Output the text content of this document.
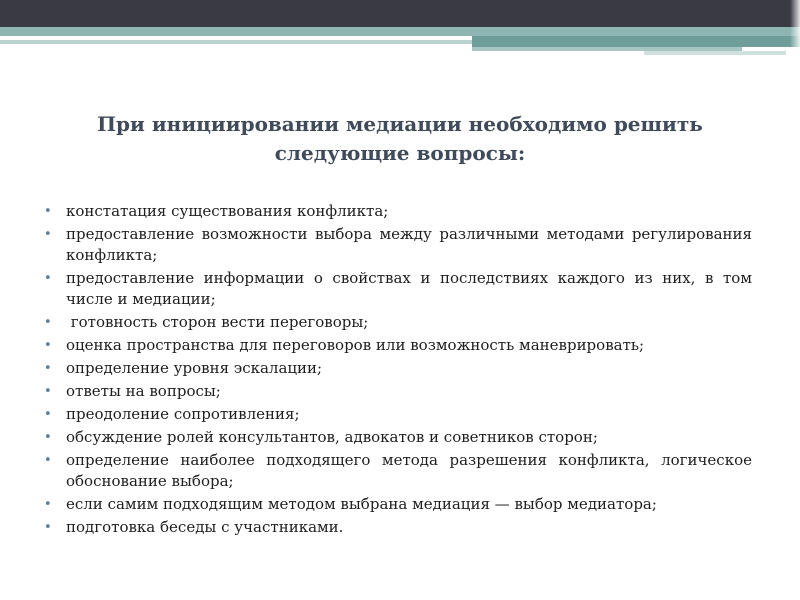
При инициировании медиации необходимо решить следующие вопросы:
• констатация существования конфликта;
• предоставление возможности выбора между различными методами регулирования конфликта;
• предоставление информации о свойствах и последствиях каждого из них, в том числе и медиации;
• готовность сторон вести переговоры;
• оценка пространства для переговоров или возможность маневрировать;
• определение уровня эскалации;
• ответы на вопросы;
• преодоление сопротивления;
• обсуждение ролей консультантов, адвокатов и советников сторон;
• определение наиболее подходящего метода разрешения конфликта, логическое обоснование выбора;
• если самим подходящим методом выбрана медиация — выбор медиатора;
• подготовка беседы с участниками.
